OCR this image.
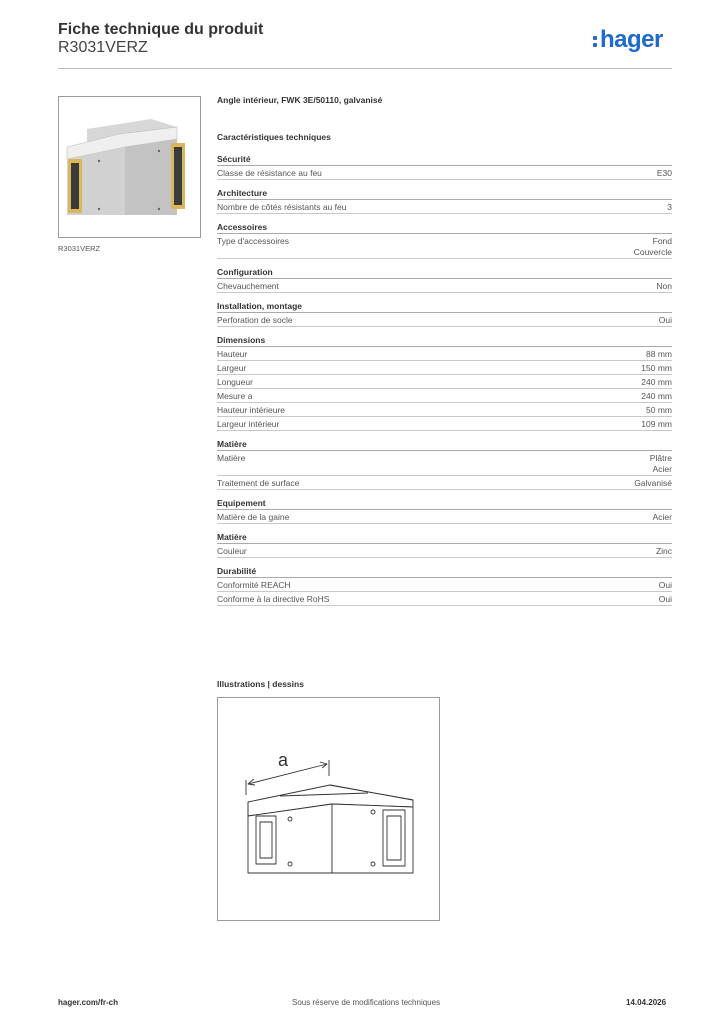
Fiche technique du produit
R3031VERZ	hager
R3031VERZ
Angle intérieur, FWK 3E/50110, galvanisé
Caractéristiques techniques
Sécurité
Classe de résistance au feu	E30
Architecture
Nombre de côtés résistants au feu	3
Accessoires
Type d'accessoires	Fond
Couvercle
Configuration
Chevauchement	Non
Installation, montage
Perforation de socle	Oui
Dimensions
Hauteur	88 mm
Largeur	150 mm
Longueur	240 mm
Mesure a	240 mm
Hauteur intérieure	50 mm
Largeur intérieur	109 mm
Matière
Matière	Plâtre
Acier
Traitement de surface	Galvanisé
Equipement
Matière de la gaine	Acier
Matière
Couleur	Zinc
Durabilité
Conformité REACH	Oui
Conforme à la directive RoHS	Oui
Illustrations | dessins
a
hager.com/fr-ch	Sous réserve de modifications techniques	14.04.2026
